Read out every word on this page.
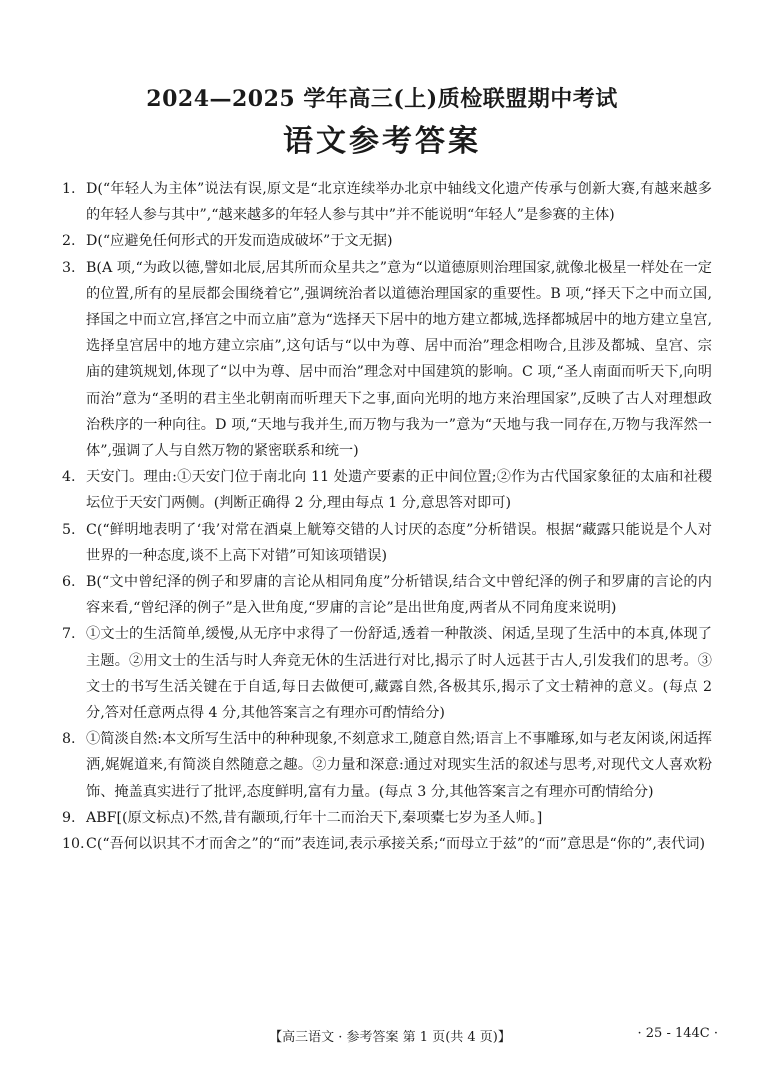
2024—2025 学年高三(上)质检联盟期中考试
语文参考答案
1. D(“年轻人为主体”说法有误,原文是“北京连续举办北京中轴线文化遗产传承与创新大赛,有越来越多的年轻人参与其中”,“越来越多的年轻人参与其中”并不能说明“年轻人”是参赛的主体)
2. D(“应避免任何形式的开发而造成破坏”于文无据)
3. B(A 项,“为政以德,譬如北辰,居其所而众星共之”意为“以道德原则治理国家,就像北极星一样处在一定的位置,所有的星辰都会围绕着它”,强调统治者以道德治理国家的重要性。B 项,“择天下之中而立国,择国之中而立宫,择宫之中而立庙”意为“选择天下居中的地方建立都城,选择都城居中的地方建立皇宫,选择皇宫居中的地方建立宗庙”,这句话与“以中为尊、居中而治”理念相吻合,且涉及都城、皇宫、宗庙的建筑规划,体现了“以中为尊、居中而治”理念对中国建筑的影响。C 项,“圣人南面而听天下,向明而治”意为“圣明的君主坐北朝南而听理天下之事,面向光明的地方来治理国家”,反映了古人对理想政治秩序的一种向往。D 项,“天地与我并生,而万物与我为一”意为“天地与我一同存在,万物与我浑然一体”,强调了人与自然万物的紧密联系和统一)
4. 天安门。理由:①天安门位于南北向 11 处遗产要素的正中间位置;②作为古代国家象征的太庙和社稷坛位于天安门两侧。(判断正确得 2 分,理由每点 1 分,意思答对即可)
5. C(“鲜明地表明了‘我’对常在酒桌上觥筹交错的人讨厌的态度”分析错误。根据“藏露只能说是个人对世界的一种态度,谈不上高下对错”可知该项错误)
6. B(“文中曾纪泽的例子和罗庸的言论从相同角度”分析错误,结合文中曾纪泽的例子和罗庸的言论的内容来看,“曾纪泽的例子”是入世角度,“罗庸的言论”是出世角度,两者从不同角度来说明)
7. ①文士的生活简单,缓慢,从无序中求得了一份舒适,透着一种散淡、闲适,呈现了生活中的本真,体现了主题。②用文士的生活与时人奔竞无休的生活进行对比,揭示了时人远甚于古人,引发我们的思考。③文士的书写生活关键在于自适,每日去做便可,藏露自然,各极其乐,揭示了文士精神的意义。(每点 2 分,答对任意两点得 4 分,其他答案言之有理亦可酌情给分)
8. ①简淡自然:本文所写生活中的种种现象,不刻意求工,随意自然;语言上不事雕琢,如与老友闲谈,闲适挥洒,娓娓道来,有简淡自然随意之趣。②力量和深意:通过对现实生活的叙述与思考,对现代文人喜欢粉饰、掩盖真实进行了批评,态度鲜明,富有力量。(每点 3 分,其他答案言之有理亦可酌情给分)
9. ABF[(原文标点)不然,昔有颛顼,行年十二而治天下,秦项橐七岁为圣人师。]
10. C(“吾何以识其不才而舍之”的“而”表连词,表示承接关系;“而母立于兹”的“而”意思是“你的”,表代词)
【高三语文 · 参考答案 第 1 页(共 4 页)】	· 25 - 144C ·
